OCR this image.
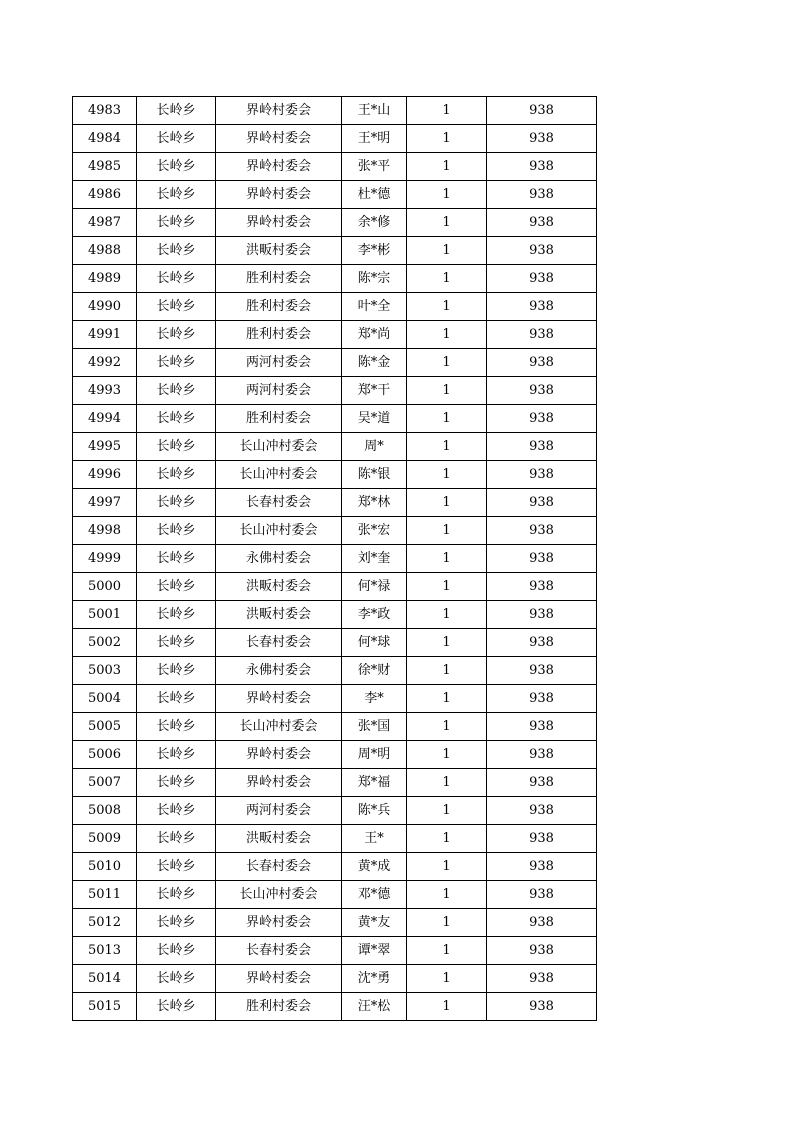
4983	长岭乡	界岭村委会	王*山	1	938
4984	长岭乡	界岭村委会	王*明	1	938
4985	长岭乡	界岭村委会	张*平	1	938
4986	长岭乡	界岭村委会	杜*德	1	938
4987	长岭乡	界岭村委会	余*修	1	938
4988	长岭乡	洪畈村委会	李*彬	1	938
4989	长岭乡	胜利村委会	陈*宗	1	938
4990	长岭乡	胜利村委会	叶*全	1	938
4991	长岭乡	胜利村委会	郑*尚	1	938
4992	长岭乡	两河村委会	陈*金	1	938
4993	长岭乡	两河村委会	郑*干	1	938
4994	长岭乡	胜利村委会	吴*道	1	938
4995	长岭乡	长山冲村委会	周*	1	938
4996	长岭乡	长山冲村委会	陈*银	1	938
4997	长岭乡	长春村委会	郑*林	1	938
4998	长岭乡	长山冲村委会	张*宏	1	938
4999	长岭乡	永佛村委会	刘*奎	1	938
5000	长岭乡	洪畈村委会	何*禄	1	938
5001	长岭乡	洪畈村委会	李*政	1	938
5002	长岭乡	长春村委会	何*球	1	938
5003	长岭乡	永佛村委会	徐*财	1	938
5004	长岭乡	界岭村委会	李*	1	938
5005	长岭乡	长山冲村委会	张*国	1	938
5006	长岭乡	界岭村委会	周*明	1	938
5007	长岭乡	界岭村委会	郑*福	1	938
5008	长岭乡	两河村委会	陈*兵	1	938
5009	长岭乡	洪畈村委会	王*	1	938
5010	长岭乡	长春村委会	黄*成	1	938
5011	长岭乡	长山冲村委会	邓*德	1	938
5012	长岭乡	界岭村委会	黄*友	1	938
5013	长岭乡	长春村委会	谭*翠	1	938
5014	长岭乡	界岭村委会	沈*勇	1	938
5015	长岭乡	胜利村委会	汪*松	1	938
